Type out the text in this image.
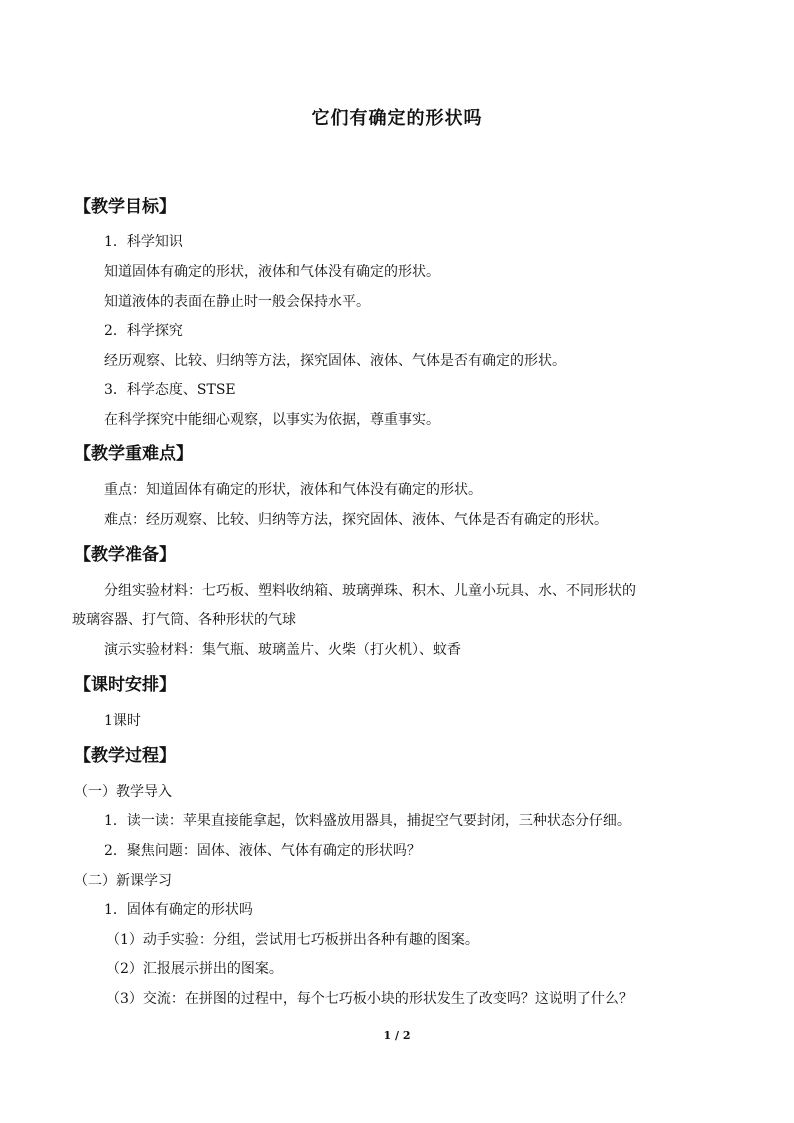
它们有确定的形状吗
【教学目标】
1．科学知识
知道固体有确定的形状，液体和气体没有确定的形状。
知道液体的表面在静止时一般会保持水平。
2．科学探究
经历观察、比较、归纳等方法，探究固体、液体、气体是否有确定的形状。
3．科学态度、STSE
在科学探究中能细心观察，以事实为依据，尊重事实。
【教学重难点】
重点：知道固体有确定的形状，液体和气体没有确定的形状。
难点：经历观察、比较、归纳等方法，探究固体、液体、气体是否有确定的形状。
【教学准备】
分组实验材料：七巧板、塑料收纳箱、玻璃弹珠、积木、儿童小玩具、水、不同形状的
玻璃容器、打气筒、各种形状的气球
演示实验材料：集气瓶、玻璃盖片、火柴（打火机）、蚊香
【课时安排】
1课时
【教学过程】
（一）教学导入
1．读一读：苹果直接能拿起，饮料盛放用器具，捕捉空气要封闭，三种状态分仔细。
2．聚焦问题：固体、液体、气体有确定的形状吗？
（二）新课学习
1．固体有确定的形状吗
（1）动手实验：分组，尝试用七巧板拼出各种有趣的图案。
（2）汇报展示拼出的图案。
（3）交流：在拼图的过程中，每个七巧板小块的形状发生了改变吗？这说明了什么？
1 / 2
